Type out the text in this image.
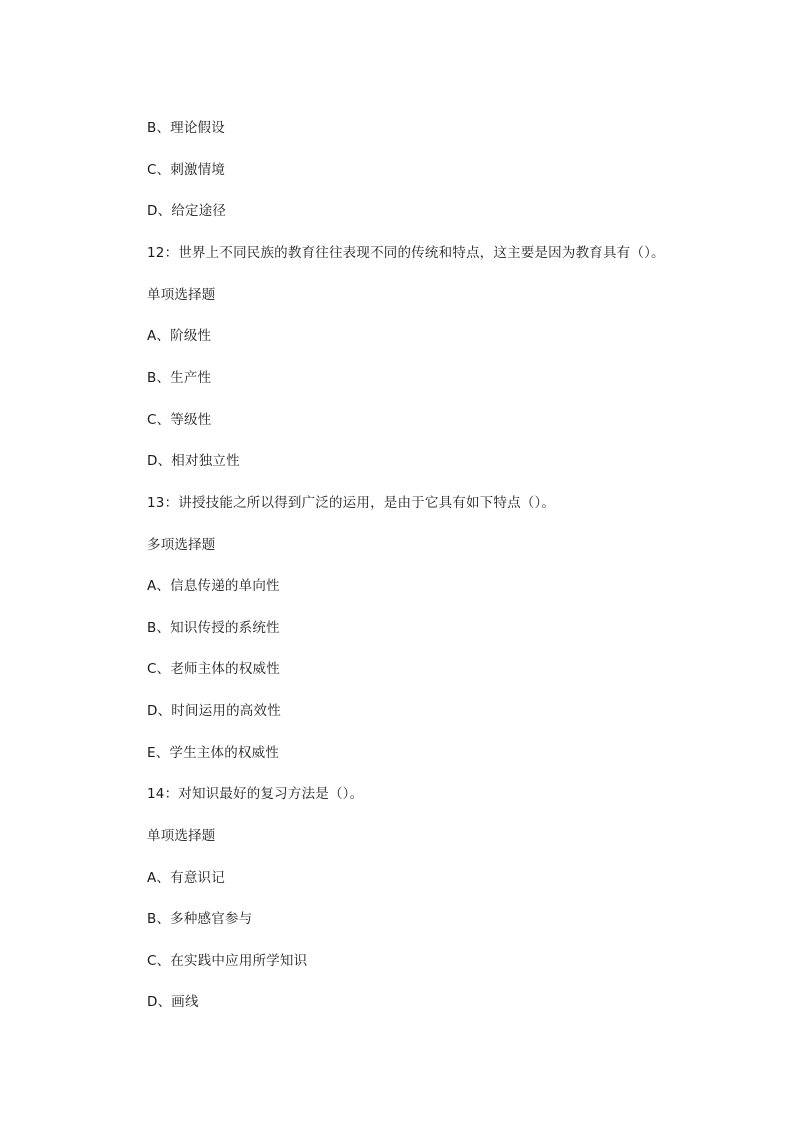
B、理论假设
C、刺激情境
D、给定途径
12：世界上不同民族的教育往往表现不同的传统和特点，这主要是因为教育具有（）。
单项选择题
A、阶级性
B、生产性
C、等级性
D、相对独立性
13：讲授技能之所以得到广泛的运用，是由于它具有如下特点（）。
多项选择题
A、信息传递的单向性
B、知识传授的系统性
C、老师主体的权威性
D、时间运用的高效性
E、学生主体的权威性
14：对知识最好的复习方法是（）。
单项选择题
A、有意识记
B、多种感官参与
C、在实践中应用所学知识
D、画线
